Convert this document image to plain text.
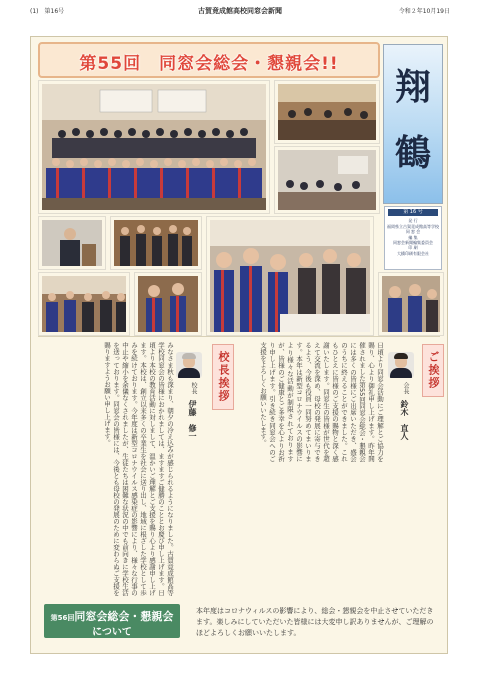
(1)　第16号	古賀竟成館高校同窓会新聞	令和２年10月19日
第55回　同窓会総会・懇親会!!
翔
鶴
第 16 号
発 行
福岡県立古賀竟成館高等学校
同 窓 会
編 集
同窓会新聞編集委員会
印 刷
大橋印刷有限会社
ご挨拶
会長　鈴木　直人
日頃より同窓会活動にご理解とご協力を賜り、心より御礼申し上げます。昨年開催されました第55回同窓会総会・懇親会には多くの皆様にご出席いただき、盛会のうちに終えることができました。これもひとえに皆様のご支援の賜物と深く感謝いたします。同窓生の皆様が世代を超えて交流を深め、母校の発展に寄与できるよう、今後も役員一同努めてまいります。本年は新型コロナウイルスの影響により様々な活動が制限されておりますが、皆様のご健康とご多幸を心よりお祈り申し上げます。引き続き同窓会へのご支援をよろしくお願いいたします。
校長挨拶
校長　伊藤　修一
みなさま秋も深まり、朝夕の冷え込みが感じられるようになりました。古賀竟成館高等学校同窓会の皆様におかれましては、ますますご健勝のこととお慶び申し上げます。日頃より本校の教育活動に対しまして、温かいご理解とご支援を賜り心より感謝申し上げます。本校は、創立以来多くの卒業生を社会に送り出し、地域に根ざした学校として歩みを続けております。今年度は新型コロナウイルス感染症の影響により、様々な行事の中止や縮小を余儀なくされましたが、生徒たちは困難な状況の中でも前向きに学校生活を送っております。同窓会の皆様には、今後とも母校の発展のために変わらぬご支援を賜りますようお願い申し上げます。
第56回同窓会総会・懇親会
について
本年度はコロナウィルスの影響により、総会・懇親会を中止させていただきます。楽しみにしていただいた皆様には大変申し訳ありませんが、ご理解のほどよろしくお願いいたします。
